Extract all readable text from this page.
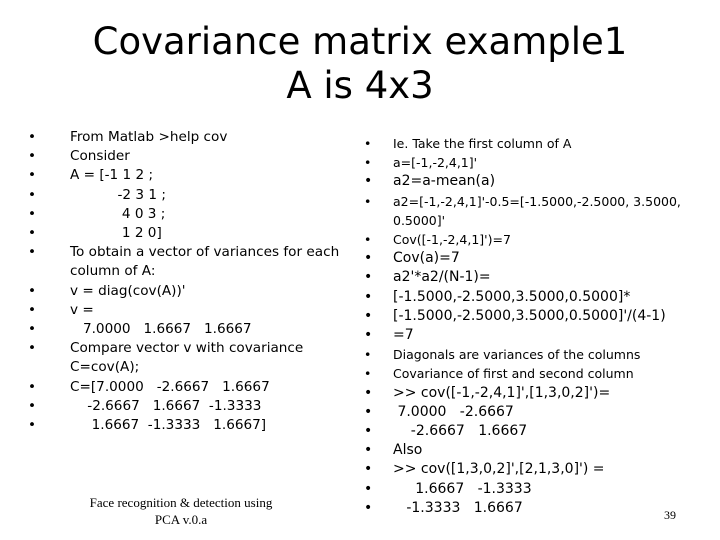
Covariance matrix example1
A is 4x3
• From Matlab >help cov
• Consider
• A = [-1 1 2 ;
•            -2 3 1 ;
•             4 0 3 ;
•             1 2 0]
• To obtain a vector of variances for each column of A:
• v = diag(cov(A))'
• v =
•    7.0000   1.6667   1.6667
• Compare vector v with covariance C=cov(A);
• C=[7.0000   -2.6667   1.6667
•     -2.6667   1.6667  -1.3333
•      1.6667  -1.3333   1.6667]
• Ie. Take the first column of A
• a=[-1,-2,4,1]'
• a2=a-mean(a)
• a2=[-1,-2,4,1]'-0.5=[-1.5000,-2.5000, 3.5000, 0.5000]'
• Cov([-1,-2,4,1]')=7
• Cov(a)=7
• a2'*a2/(N-1)=
• [-1.5000,-2.5000,3.5000,0.5000]*
• [-1.5000,-2.5000,3.5000,0.5000]'/(4-1)
• =7
• Diagonals are variances of the columns
• Covariance of first and second column
• >> cov([-1,-2,4,1]',[1,3,0,2]')=
•  7.0000   -2.6667
•     -2.6667   1.6667
• Also
• >> cov([1,3,0,2]',[2,1,3,0]') =
•      1.6667   -1.3333
•    -1.3333   1.6667
Face recognition & detection using
PCA v.0.a	39
